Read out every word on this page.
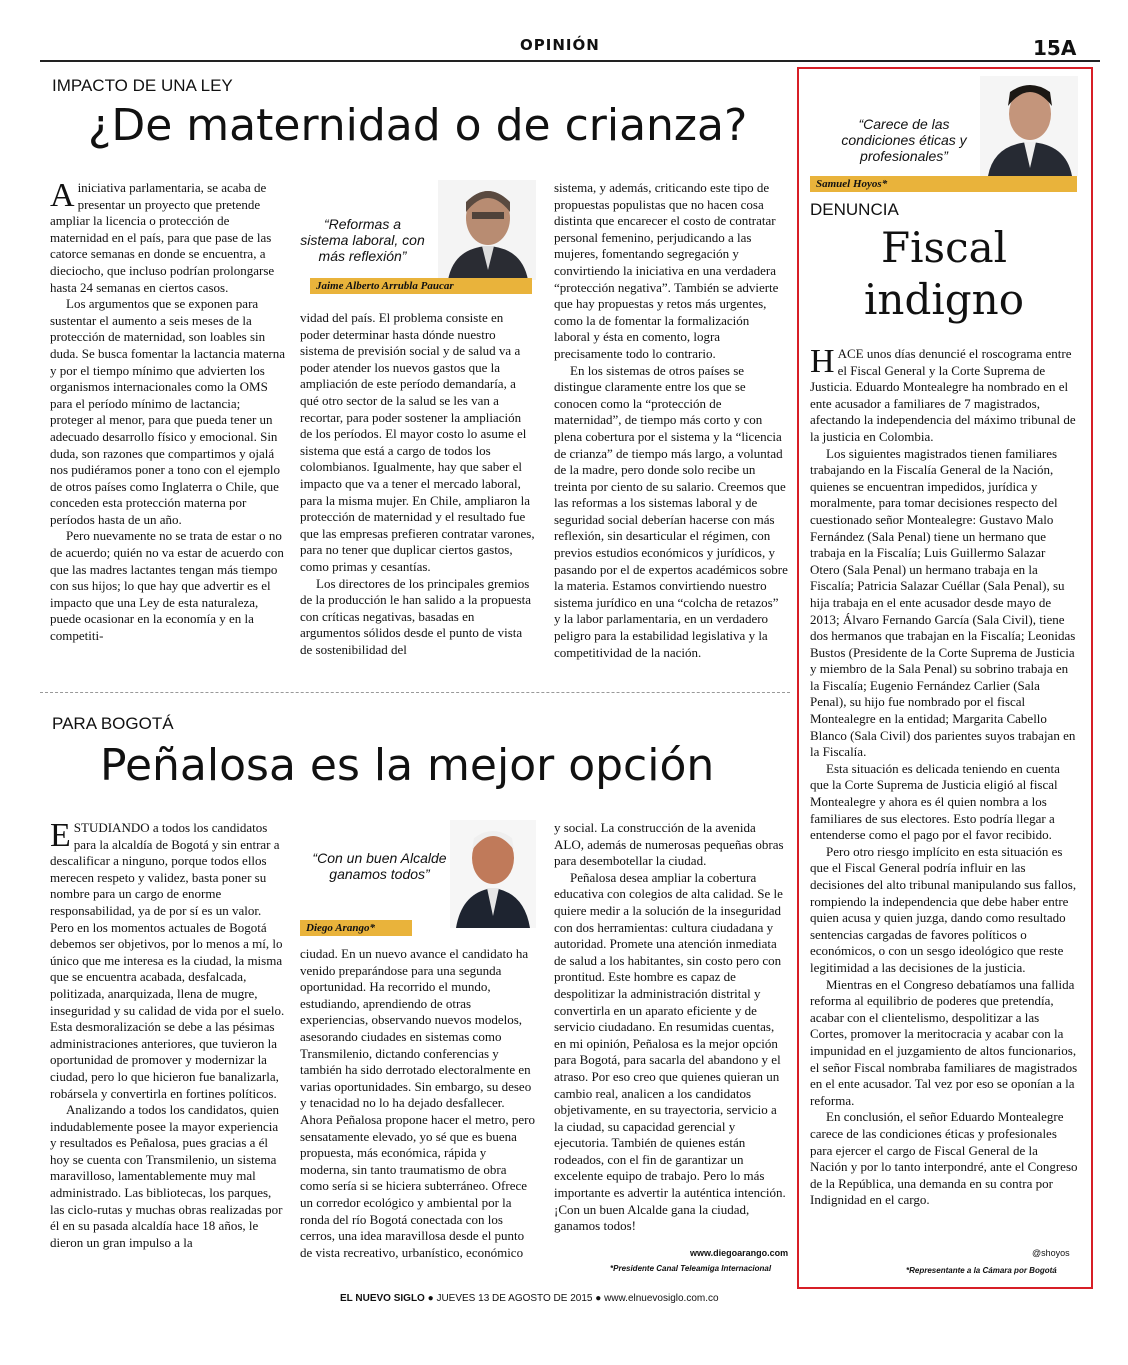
OPINIÓN	15A
IMPACTO DE UNA LEY
¿De maternidad o de crianza?

Ainiciativa parlamentaria, se acaba de presentar un proyecto que pretende ampliar la licencia o protección de maternidad en el país, para que pase de las catorce semanas en donde se encuentra, a dieciocho, que incluso podrían prolongarse hasta 24 semanas en ciertos casos.

Los argumentos que se exponen para sustentar el aumento a seis meses de la protección de maternidad, son loables sin duda. Se busca fomentar la lactancia materna y por el tiempo mínimo que advierten los organismos internacionales como la OMS para el período mínimo de lactancia; proteger al menor, para que pueda tener un adecuado desarrollo físico y emocional. Sin duda, son razones que compartimos y ojalá nos pudiéramos poner a tono con el ejemplo de otros países como Inglaterra o Chile, que conceden esta protección materna por períodos hasta de un año.

Pero nuevamente no se trata de estar o no de acuerdo; quién no va estar de acuerdo con que las madres lactantes tengan más tiempo con sus hijos; lo que hay que advertir es el impacto que una Ley de esta naturaleza, puede ocasionar en la economía y en la competiti-

“Reformas a sistema laboral, con más reflexión”
Jaime Alberto Arrubla Paucar

vidad del país. El problema consiste en poder determinar hasta dónde nuestro sistema de previsión social y de salud va a poder atender los nuevos gastos que la ampliación de este período demandaría, a qué otro sector de la salud se les van a recortar, para poder sostener la ampliación de los períodos. El mayor costo lo asume el sistema que está a cargo de todos los colombianos. Igualmente, hay que saber el impacto que va a tener el mercado laboral, para la misma mujer. En Chile, ampliaron la protección de maternidad y el resultado fue que las empresas prefieren contratar varones, para no tener que duplicar ciertos gastos, como primas y cesantías.

Los directores de los principales gremios de la producción le han salido a la propuesta con críticas negativas, basadas en argumentos sólidos desde el punto de vista de sostenibilidad del

sistema, y además, criticando este tipo de propuestas populistas que no hacen cosa distinta que encarecer el costo de contratar personal femenino, perjudicando a las mujeres, fomentando segregación y convirtiendo la iniciativa en una verdadera “protección negativa”. También se advierte que hay propuestas y retos más urgentes, como la de fomentar la formalización laboral y ésta en comento, logra precisamente todo lo contrario.

En los sistemas de otros países se distingue claramente entre los que se conocen como la “protección de maternidad”, de tiempo más corto y con plena cobertura por el sistema y la “licencia de crianza” de tiempo más largo, a voluntad de la madre, pero donde solo recibe un treinta por ciento de su salario. Creemos que las reformas a los sistemas laboral y de seguridad social deberían hacerse con más reflexión, sin desarticular el régimen, con previos estudios económicos y jurídicos, y pasando por el de expertos académicos sobre la materia. Estamos convirtiendo nuestro sistema jurídico en una “colcha de retazos” y la labor parlamentaria, en un verdadero peligro para la estabilidad legislativa y la competitividad de la nación.

PARA BOGOTÁ
Peñalosa es la mejor opción

ESTUDIANDO a todos los candidatos para la alcaldía de Bogotá y sin entrar a descalificar a ninguno, porque todos ellos merecen respeto y validez, basta poner su nombre para un cargo de enorme responsabilidad, ya de por sí es un valor. Pero en los momentos actuales de Bogotá debemos ser objetivos, por lo menos a mí, lo único que me interesa es la ciudad, la misma que se encuentra acabada, desfalcada, politizada, anarquizada, llena de mugre, inseguridad y su calidad de vida por el suelo. Esta desmoralización se debe a las pésimas administraciones anteriores, que tuvieron la oportunidad de promover y modernizar la ciudad, pero lo que hicieron fue banalizarla, robársela y convertirla en fortines políticos.

Analizando a todos los candidatos, quien indudablemente posee la mayor experiencia y resultados es Peñalosa, pues gracias a él hoy se cuenta con Transmilenio, un sistema maravilloso, lamentablemente muy mal administrado. Las bibliotecas, los parques, las ciclo-rutas y muchas obras realizadas por él en su pasada alcaldía hace 18 años, le dieron un gran impulso a la

“Con un buen Alcalde ganamos todos”
Diego Arango*

ciudad. En un nuevo avance el candidato ha venido preparándose para una segunda oportunidad. Ha recorrido el mundo, estudiando, aprendiendo de otras experiencias, observando nuevos modelos, asesorando ciudades en sistemas como Transmilenio, dictando conferencias y también ha sido derrotado electoralmente en varias oportunidades. Sin embargo, su deseo y tenacidad no lo ha dejado desfallecer. Ahora Peñalosa propone hacer el metro, pero sensatamente elevado, yo sé que es buena propuesta, más económica, rápida y moderna, sin tanto traumatismo de obra como sería si se hiciera subterráneo. Ofrece un corredor ecológico y ambiental por la ronda del río Bogotá conectada con los cerros, una idea maravillosa desde el punto de vista recreativo, urbanístico, económico

y social. La construcción de la avenida ALO, además de numerosas pequeñas obras para desembotellar la ciudad.

Peñalosa desea ampliar la cobertura educativa con colegios de alta calidad. Se le quiere medir a la solución de la inseguridad con dos herramientas: cultura ciudadana y autoridad. Promete una atención inmediata de salud a los habitantes, sin costo pero con prontitud. Este hombre es capaz de despolitizar la administración distrital y convertirla en un aparato eficiente y de servicio ciudadano. En resumidas cuentas, en mi opinión, Peñalosa es la mejor opción para Bogotá, para sacarla del abandono y el atraso. Por eso creo que quienes quieran un cambio real, analicen a los candidatos objetivamente, en su trayectoria, servicio a la ciudad, su capacidad gerencial y ejecutoria. También de quienes están rodeados, con el fin de garantizar un excelente equipo de trabajo. Pero lo más importante es advertir la auténtica intención. ¡Con un buen Alcalde gana la ciudad, ganamos todos!

www.diegoarango.com
*Presidente Canal Teleamiga Internacional
“Carece de las condiciones éticas y profesionales”
Samuel Hoyos*
DENUNCIA
Fiscal
indigno

HACE unos días denuncié el roscograma entre el Fiscal General y la Corte Suprema de Justicia. Eduardo Montealegre ha nombrado en el ente acusador a familiares de 7 magistrados, afectando la independencia del máximo tribunal de la justicia en Colombia.

Los siguientes magistrados tienen familiares trabajando en la Fiscalía General de la Nación, quienes se encuentran impedidos, jurídica y moralmente, para tomar decisiones respecto del cuestionado señor Montealegre: Gustavo Malo Fernández (Sala Penal) tiene un hermano que trabaja en la Fiscalía; Luis Guillermo Salazar Otero (Sala Penal) un hermano trabaja en la Fiscalía; Patricia Salazar Cuéllar (Sala Penal), su hija trabaja en el ente acusador desde mayo de 2013; Álvaro Fernando García (Sala Civil), tiene dos hermanos que trabajan en la Fiscalía; Leonidas Bustos (Presidente de la Corte Suprema de Justicia y miembro de la Sala Penal) su sobrino trabaja en la Fiscalía; Eugenio Fernández Carlier (Sala Penal), su hijo fue nombrado por el fiscal Montealegre en la entidad; Margarita Cabello Blanco (Sala Civil) dos parientes suyos trabajan en la Fiscalía.

Esta situación es delicada teniendo en cuenta que la Corte Suprema de Justicia eligió al fiscal Montealegre y ahora es él quien nombra a los familiares de sus electores. Esto podría llegar a entenderse como el pago por el favor recibido.

Pero otro riesgo implícito en esta situación es que el Fiscal General podría influir en las decisiones del alto tribunal manipulando sus fallos, rompiendo la independencia que debe haber entre quien acusa y quien juzga, dando como resultado sentencias cargadas de favores políticos o económicos, o con un sesgo ideológico que reste legitimidad a las decisiones de la justicia.

Mientras en el Congreso debatíamos una fallida reforma al equilibrio de poderes que pretendía, acabar con el clientelismo, despolitizar a las Cortes, promover la meritocracia y acabar con la impunidad en el juzgamiento de altos funcionarios, el señor Fiscal nombraba familiares de magistrados en el ente acusador. Tal vez por eso se oponían a la reforma.

En conclusión, el señor Eduardo Montealegre carece de las condiciones éticas y profesionales para ejercer el cargo de Fiscal General de la Nación y por lo tanto interpondré, ante el Congreso de la República, una demanda en su contra por Indignidad en el cargo.

@shoyos
*Representante a la Cámara por Bogotá
EL NUEVO SIGLO ● JUEVES 13 DE AGOSTO DE 2015 ● www.elnuevosiglo.com.co
